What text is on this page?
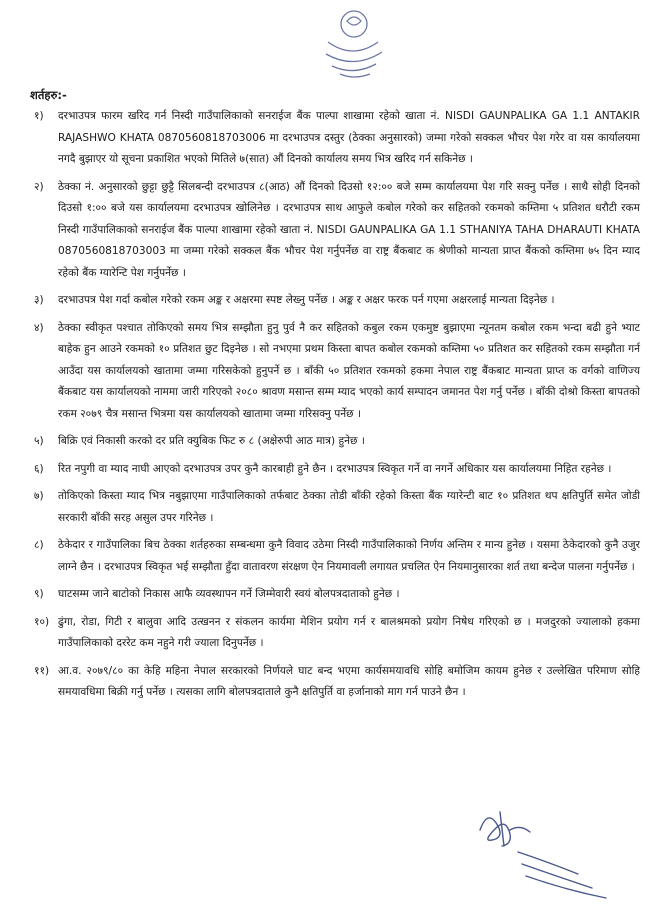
शर्तहरु:-

१) दरभाउपत्र फारम खरिद गर्न निस्दी गाउँपालिकाको सनराईज बैंक पाल्पा शाखामा रहेको खाता नं. NISDI GAUNPALIKA GA 1.1 ANTAKIR RAJASHWO KHATA 0870560818703006 मा दरभाउपत्र दस्तुर (ठेक्का अनुसारको) जम्मा गरेको सक्कल भौचर पेश गरेर वा यस कार्यालयमा नगदै बुझाएर यो सूचना प्रकाशित भएको मितिले ७(सात) औं दिनको कार्यालय समय भित्र खरिद गर्न सकिनेछ ।
२) ठेक्का नं. अनुसारको छुट्टा छुट्टै सिलबन्दी दरभाउपत्र ८(आठ) औं दिनको दिउसो १२:०० बजे सम्म कार्यालयमा पेश गरि सक्नु पर्नेछ । साथै सोही दिनको दिउसो १:०० बजे यस कार्यालयमा दरभाउपत्र खोलिनेछ । दरभाउपत्र साथ आफुले कबोल गरेको कर सहितको रकमको कम्तिमा ५ प्रतिशत धरौटी रकम निस्दी गाउँपालिकाको सनराईज बैंक पाल्पा शाखामा रहेको खाता नं. NISDI GAUNPALIKA GA 1.1 STHANIYA TAHA DHARAUTI KHATA 0870560818703003 मा जम्मा गरेको सक्कल बैंक भौचर पेश गर्नुपर्नेछ वा राष्ट्र बैंकबाट क श्रेणीको मान्यता प्राप्त बैंकको कम्तिमा ७५ दिन म्याद रहेको बैंक ग्यारेन्टि पेश गर्नुपर्नेछ ।
३) दरभाउपत्र पेश गर्दा कबोल गरेको रकम अङ्क र अक्षरमा स्पष्ट लेख्नु पर्नेछ । अङ्क र अक्षर फरक पर्न गएमा अक्षरलाई मान्यता दिइनेछ ।
४) ठेक्का स्वीकृत पश्चात तोकिएको समय भित्र सम्झौता हुनु पुर्व नै कर सहितको कबुल रकम एकमुष्ट बुझाएमा न्यूनतम कबोल रकम भन्दा बढी हुने भ्याट बाहेक हुन आउने रकमको १० प्रतिशत छुट दिइनेछ । सो नभएमा प्रथम किस्ता बापत कबोल रकमको कम्तिमा ५० प्रतिशत कर सहितको रकम सम्झौता गर्न आउँदा यस कार्यालयको खातामा जम्मा गरिसकेको हुनुपर्ने छ । बाँकी ५० प्रतिशत रकमको हकमा नेपाल राष्ट्र बैंकबाट मान्यता प्राप्त क वर्गको वाणिज्य बैंकबाट यस कार्यालयको नाममा जारी गरिएको २०८० श्रावण मसान्त सम्म म्याद भएको कार्य सम्पादन जमानत पेश गर्नु पर्नेछ । बाँकी दोश्रो किस्ता बापतको रकम २०७९ चैत्र मसान्त भित्रमा यस कार्यालयको खातामा जम्मा गरिसक्नु पर्नेछ ।
५) बिक्रि एवं निकासी करको दर प्रति क्युबिक फिट रु ८ (अक्षेरुपी आठ मात्र) हुनेछ ।
६) रित नपुगी वा म्याद नाघी आएको दरभाउपत्र उपर कुनै कारबाही हुने छैन । दरभाउपत्र स्विकृत गर्ने वा नगर्ने अधिकार यस कार्यालयमा निहित रहनेछ ।
७) तोकिएको किस्ता म्याद भित्र नबुझाएमा गाउँपालिकाको तर्फबाट ठेक्का तोडी बाँकी रहेको किस्ता बैंक ग्यारेन्टी बाट १० प्रतिशत थप क्षतिपुर्ति समेत जोडी सरकारी बाँकी सरह असुल उपर गरिनेछ ।
८) ठेकेदार र गाउँपालिका बिच ठेक्का शर्तहरुका सम्बन्धमा कुनै विवाद उठेमा निस्दी गाउँपालिकाको निर्णय अन्तिम र मान्य हुनेछ । यसमा ठेकेदारको कुनै उजुर लाग्ने छैन । दरभाउपत्र स्विकृत भई सम्झौता हुँदा वातावरण संरक्षण ऐन नियमावली लगायत प्रचलित ऐन नियमानुसारका शर्त तथा बन्देज पालना गर्नुपर्नेछ ।
९) घाटसम्म जाने बाटोको निकास आफै व्यवस्थापन गर्ने जिम्मेवारी स्वयं बोलपत्रदाताको हुनेछ ।
१०) ढुंगा, रोडा, गिटी र बालुवा आदि उत्खनन र संकलन कार्यमा मेशिन प्रयोग गर्न र बालश्रमको प्रयोग निषेध गरिएको छ । मजदुरको ज्यालाको हकमा गाउँपालिकाको दररेट कम नहुने गरी ज्याला दिनुपर्नेछ ।
११) आ.व. २०७९/८० का केहि महिना नेपाल सरकारको निर्णयले घाट बन्द भएमा कार्यसमयावधि सोहि बमोजिम कायम हुनेछ र उल्लेखित परिमाण सोहि समयावधिमा बिक्री गर्नु पर्नेछ । त्यसका लागि बोलपत्रदाताले कुनै क्षतिपुर्ति वा हर्जानाको माग गर्न पाउने छैन ।
